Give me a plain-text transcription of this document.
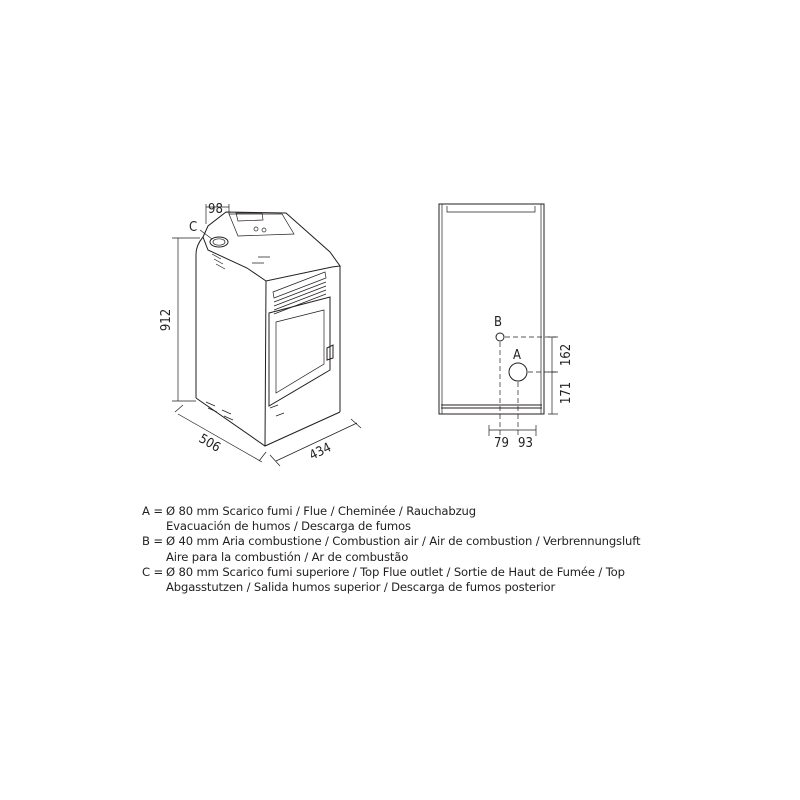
98
C
912
506	434
B
A	162
171
79 93
A = Ø 80 mm Scarico fumi / Flue / Cheminée / Rauchabzug
Evacuación de humos / Descarga de fumos
B = Ø 40 mm Aria combustione / Combustion air / Air de combustion / Verbrennungsluft
Aire para la combustión / Ar de combustão
C = Ø 80 mm Scarico fumi superiore / Top Flue outlet / Sortie de Haut de Fumée / Top
Abgasstutzen / Salida humos superior / Descarga de fumos posterior
